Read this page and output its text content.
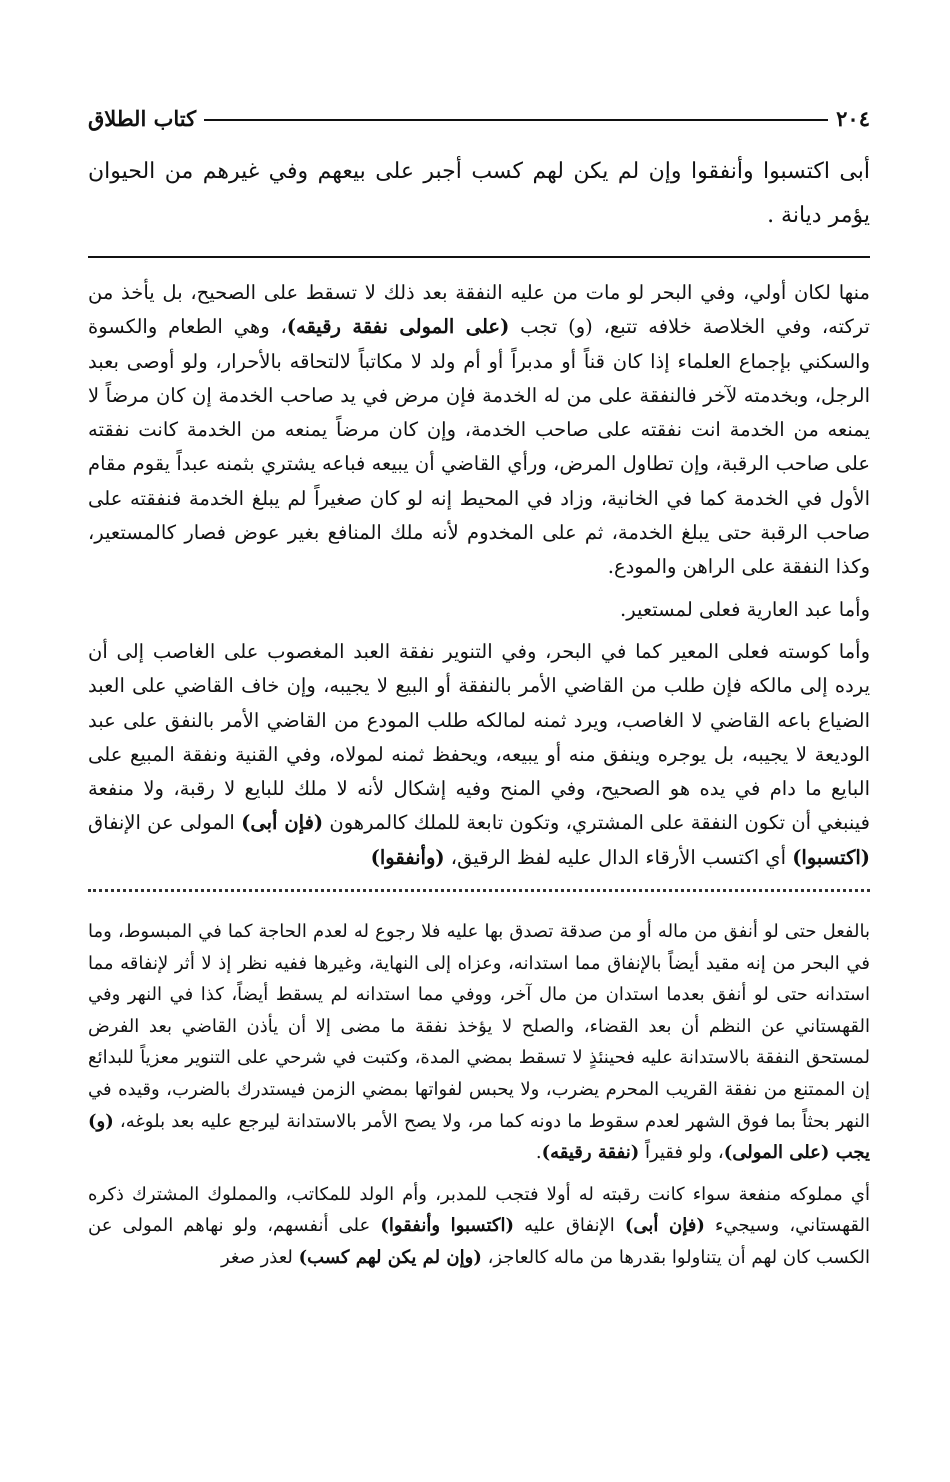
٢٠٤
كتاب الطلاق

أبى اكتسبوا وأنفقوا وإن لم يكن لهم كسب أجبر على بيعهم وفي غيرهم من الحيوان يؤمر ديانة .

منها لكان أولي، وفي البحر لو مات من عليه النفقة بعد ذلك لا تسقط على الصحيح، بل يأخذ من تركته، وفي الخلاصة خلافه تتبع، (و) تجب (على المولى نفقة رقيقه)، وهي الطعام والكسوة والسكني بإجماع العلماء إذا كان قناً أو مدبراً أو أم ولد لا مكاتباً لالتحاقه بالأحرار، ولو أوصى بعبد الرجل، وبخدمته لآخر فالنفقة على من له الخدمة فإن مرض في يد صاحب الخدمة إن كان مرضاً لا يمنعه من الخدمة انت نفقته على صاحب الخدمة، وإن كان مرضاً يمنعه من الخدمة كانت نفقته على صاحب الرقبة، وإن تطاول المرض، ورأي القاضي أن يبيعه فباعه يشتري بثمنه عبداً يقوم مقام الأول في الخدمة كما في الخانية، وزاد في المحيط إنه لو كان صغيراً لم يبلغ الخدمة فنفقته على صاحب الرقبة حتى يبلغ الخدمة، ثم على المخدوم لأنه ملك المنافع بغير عوض فصار كالمستعير، وكذا النفقة على الراهن والمودع.

وأما عبد العارية فعلى لمستعير.

وأما كوسته فعلى المعير كما في البحر، وفي التنوير نفقة العبد المغصوب على الغاصب إلى أن يرده إلى مالكه فإن طلب من القاضي الأمر بالنفقة أو البيع لا يجيبه، وإن خاف القاضي على العبد الضياع باعه القاضي لا الغاصب، ويرد ثمنه لمالكه طلب المودع من القاضي الأمر بالنفق على عبد الوديعة لا يجيبه، بل يوجره وينفق منه أو يبيعه، ويحفظ ثمنه لمولاه، وفي القنية ونفقة المبيع على البايع ما دام في يده هو الصحيح، وفي المنح وفيه إشكال لأنه لا ملك للبايع لا رقبة، ولا منفعة فينبغي أن تكون النفقة على المشتري، وتكون تابعة للملك كالمرهون (فإن أبى) المولى عن الإنفاق (اكتسبوا) أي اكتسب الأرقاء الدال عليه لفظ الرقيق، (وأنفقوا)

بالفعل حتى لو أنفق من ماله أو من صدقة تصدق بها عليه فلا رجوع له لعدم الحاجة كما في المبسوط، وما في البحر من إنه مقيد أيضاً بالإنفاق مما استدانه، وعزاه إلى النهاية، وغيرها ففيه نظر إذ لا أثر لإنفاقه مما استدانه حتى لو أنفق بعدما استدان من مال آخر، ووفي مما استدانه لم يسقط أيضاً، كذا في النهر وفي القهستاني عن النظم أن بعد القضاء، والصلح لا يؤخذ نفقة ما مضى إلا أن يأذن القاضي بعد الفرض لمستحق النفقة بالاستدانة عليه فحينئذٍ لا تسقط بمضي المدة، وكتبت في شرحي على التنوير معزياً للبدائع إن الممتنع من نفقة القريب المحرم يضرب، ولا يحبس لفواتها بمضي الزمن فيستدرك بالضرب، وقيده في النهر بحثاً بما فوق الشهر لعدم سقوط ما دونه كما مر، ولا يصح الأمر بالاستدانة ليرجع عليه بعد بلوغه، (و) يجب (على المولى)، ولو فقيراً (نفقة رقيقه).

أي مملوكه منفعة سواء كانت رقبته له أولا فتجب للمدبر، وأم الولد للمكاتب، والمملوك المشترك ذكره القهستاني، وسيجيء (فإن أبى) الإنفاق عليه (اكتسبوا وأنفقوا) على أنفسهم، ولو نهاهم المولى عن الكسب كان لهم أن يتناولوا بقدرها من ماله كالعاجز، (وإن لم يكن لهم كسب) لعذر صغر
